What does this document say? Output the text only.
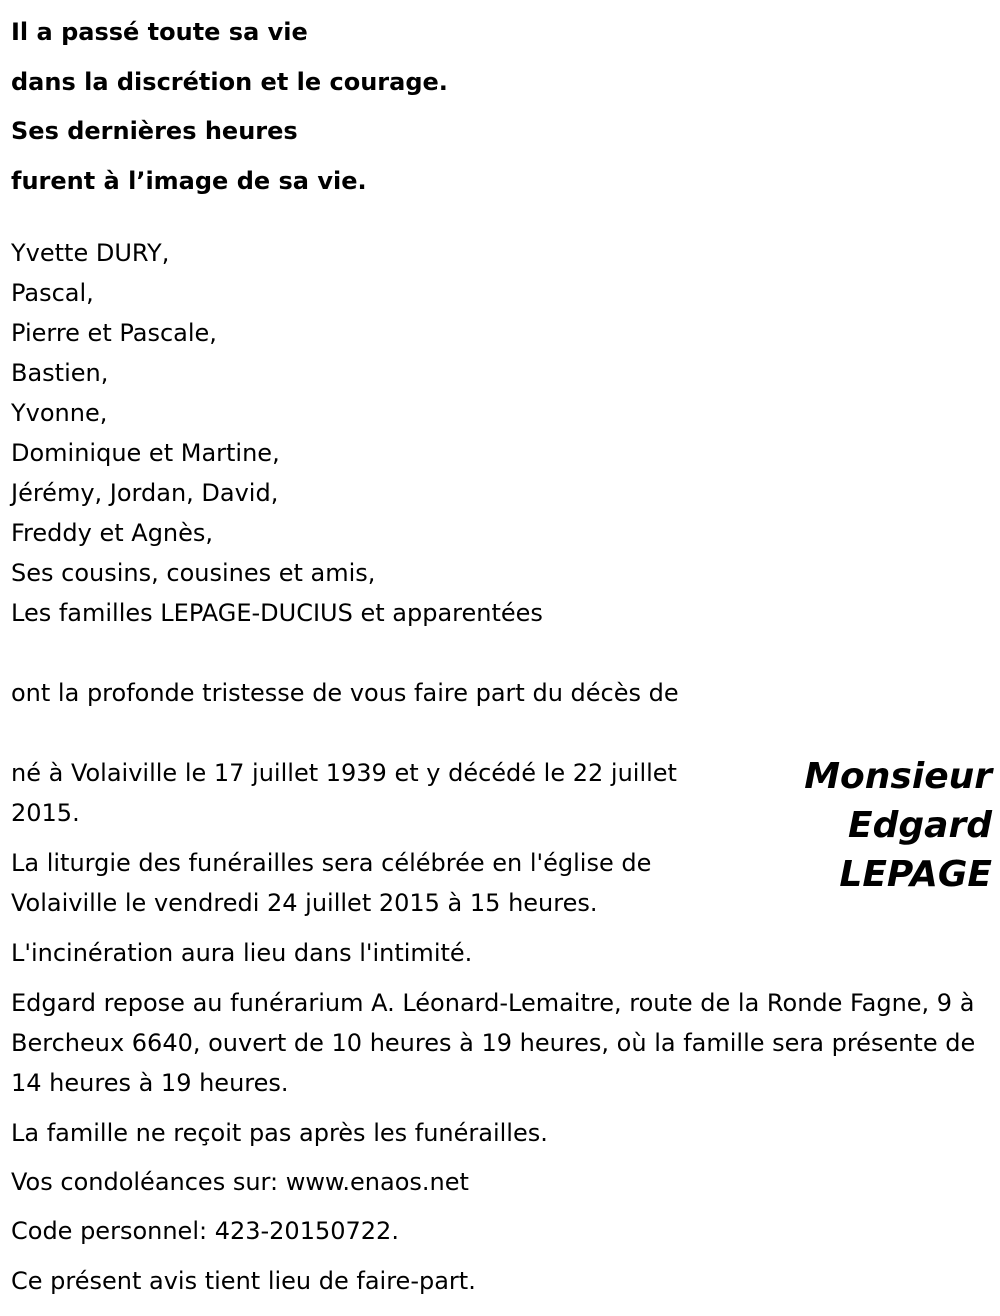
Il a passé toute sa vie
dans la discrétion et le courage.
Ses dernières heures
furent à l’image de sa vie.
Yvette DURY,
Pascal,
Pierre et Pascale,
Bastien,
Yvonne,
Dominique et Martine,
Jérémy, Jordan, David,
Freddy et Agnès,
Ses cousins, cousines et amis,
Les familles LEPAGE-DUCIUS et apparentées

ont la profonde tristesse de vous faire part du décès de

Monsieur
Edgard
LEPAGE

né à Volaiville le 17 juillet 1939 et y décédé le 22 juillet 2015.

La liturgie des funérailles sera célébrée en l'église de Volaiville le vendredi 24 juillet 2015 à 15 heures.

L'incinération aura lieu dans l'intimité.

Edgard repose au funérarium A. Léonard-Lemaitre, route de la Ronde Fagne, 9 à Bercheux 6640, ouvert de 10 heures à 19 heures, où la famille sera présente de 14 heures à 19 heures.

La famille ne reçoit pas après les funérailles.

Vos condoléances sur: www.enaos.net

Code personnel: 423-20150722.

Ce présent avis tient lieu de faire-part.
